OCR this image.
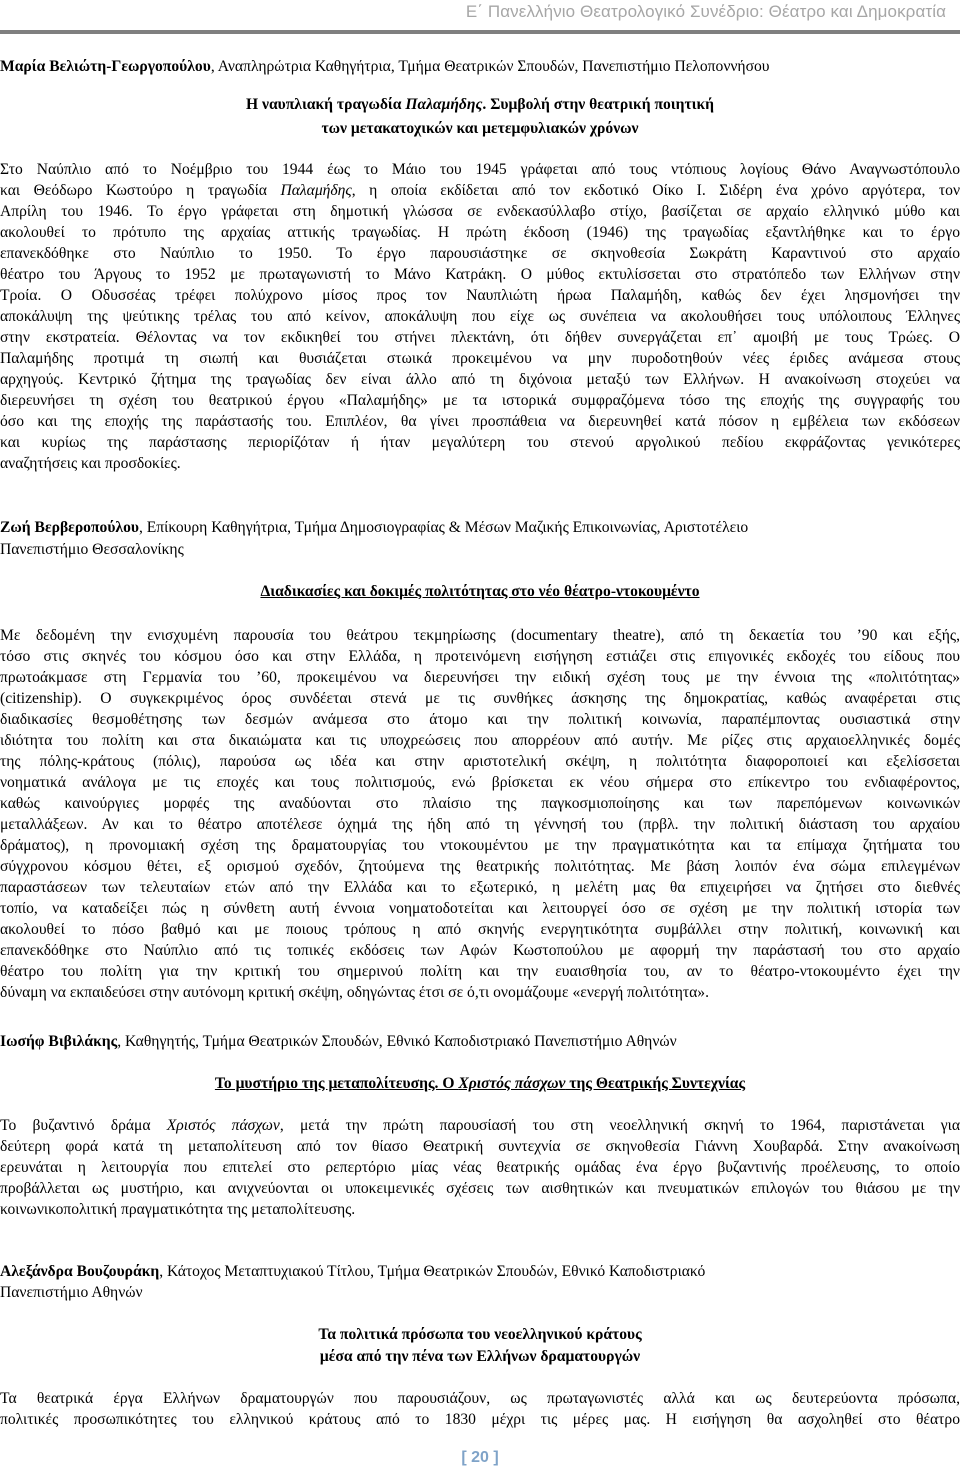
Ε΄ Πανελλήνιο Θεατρολογικό Συνέδριο: Θέατρο και Δημοκρατία
Μαρία Βελιώτη-Γεωργοπούλου, Αναπληρώτρια Καθηγήτρια, Τμήμα Θεατρικών Σπουδών, Πανεπιστήμιο Πελοποννήσου
Η ναυπλιακή τραγωδία Παλαμήδης. Συμβολή στην θεατρική ποιητική
των μετακατοχικών και μετεμφυλιακών χρόνων
Στο Ναύπλιο από το Νοέμβριο του 1944 έως το Μάιο του 1945 γράφεται από τους ντόπιους λογίους Θάνο Αναγνωστόπουλο
και Θεόδωρο Κωστούρο η τραγωδία Παλαμήδης, η οποία εκδίδεται από τον εκδοτικό Οίκο Ι. Σιδέρη ένα χρόνο αργότερα, τον
Απρίλη του 1946. Το έργο γράφεται στη δημοτική γλώσσα σε ενδεκασύλλαβο στίχο, βασίζεται σε αρχαίο ελληνικό μύθο και
ακολουθεί το πρότυπο της αρχαίας αττικής τραγωδίας. Η πρώτη έκδοση (1946) της τραγωδίας εξαντλήθηκε και το έργο
επανεκδόθηκε στο Ναύπλιο το 1950. Το έργο παρουσιάστηκε σε σκηνοθεσία Σωκράτη Καραντινού στο αρχαίο
θέατρο του Άργους το 1952 με πρωταγωνιστή το Μάνο Κατράκη. Ο μύθος εκτυλίσσεται στο στρατόπεδο των Ελλήνων στην
Τροία. Ο Οδυσσέας τρέφει πολύχρονο μίσος προς τον Ναυπλιώτη ήρωα Παλαμήδη, καθώς δεν έχει λησμονήσει την
αποκάλυψη της ψεύτικης τρέλας του από κείνον, αποκάλυψη που είχε ως συνέπεια να ακολουθήσει τους υπόλοιπους Έλληνες
στην εκστρατεία. Θέλοντας να τον εκδικηθεί του στήνει πλεκτάνη, ότι δήθεν συνεργάζεται επ᾽ αμοιβή με τους Τρώες. Ο
Παλαμήδης προτιμά τη σιωπή και θυσιάζεται στωικά προκειμένου να μην πυροδοτηθούν νέες έριδες ανάμεσα στους
αρχηγούς. Κεντρικό ζήτημα της τραγωδίας δεν είναι άλλο από τη διχόνοια μεταξύ των Ελλήνων. Η ανακοίνωση στοχεύει να
διερευνήσει τη σχέση του θεατρικού έργου «Παλαμήδης» με τα ιστορικά συμφραζόμενα τόσο της εποχής της συγγραφής του
όσο και της εποχής της παράστασής του. Επιπλέον, θα γίνει προσπάθεια να διερευνηθεί κατά πόσον η εμβέλεια των εκδόσεων
και κυρίως της παράστασης περιορίζόταν ή ήταν μεγαλύτερη του στενού αργολικού πεδίου εκφράζοντας γενικότερες
αναζητήσεις και προσδοκίες.
Ζωή Βερβεροπούλου, Επίκουρη Καθηγήτρια, Τμήμα Δημοσιογραφίας & Μέσων Μαζικής Επικοινωνίας, Αριστοτέλειο
Πανεπιστήμιο Θεσσαλονίκης
Διαδικασίες και δοκιμές πολιτότητας στο νέο θέατρο-ντοκουμέντο
Με δεδομένη την ενισχυμένη παρουσία του θεάτρου τεκμηρίωσης (documentary theatre), από τη δεκαετία του ’90 και εξής,
τόσο στις σκηνές του κόσμου όσο και στην Ελλάδα, η προτεινόμενη εισήγηση εστιάζει στις επιγονικές εκδοχές του είδους που
πρωτοάκμασε στη Γερμανία του ’60, προκειμένου να διερευνήσει την ειδική σχέση τους με την έννοια της «πολιτότητας»
(citizenship). Ο συγκεκριμένος όρος συνδέεται στενά με τις συνθήκες άσκησης της δημοκρατίας, καθώς αναφέρεται στις
διαδικασίες θεσμοθέτησης των δεσμών ανάμεσα στο άτομο και την πολιτική κοινωνία, παραπέμποντας ουσιαστικά στην
ιδιότητα του πολίτη και στα δικαιώματα και τις υποχρεώσεις που απορρέουν από αυτήν. Με ρίζες στις αρχαιοελληνικές δομές
της πόλης-κράτους (πόλις), παρούσα ως ιδέα και στην αριστοτελική σκέψη, η πολιτότητα διαφοροποιεί και εξελίσσεται
νοηματικά ανάλογα με τις εποχές και τους πολιτισμούς, ενώ βρίσκεται εκ νέου σήμερα στο επίκεντρο του ενδιαφέροντος,
καθώς καινούργιες μορφές της αναδύονται στο πλαίσιο της παγκοσμιοποίησης και των παρεπόμενων κοινωνικών
μεταλλάξεων. Αν και το θέατρο αποτέλεσε όχημά της ήδη από τη γέννησή του (πρβλ. την πολιτική διάσταση του αρχαίου
δράματος), η προνομιακή σχέση της δραματουργίας του ντοκουμέντου με την πραγματικότητα και τα επίμαχα ζητήματα του
σύγχρονου κόσμου θέτει, εξ ορισμού σχεδόν, ζητούμενα της θεατρικής πολιτότητας. Με βάση λοιπόν ένα σώμα επιλεγμένων
παραστάσεων των τελευταίων ετών από την Ελλάδα και το εξωτερικό, η μελέτη μας θα επιχειρήσει να ζητήσει στο διεθνές
τοπίο, να καταδείξει πώς η σύνθετη αυτή έννοια νοηματοδοτείται και λειτουργεί όσο σε σχέση με την πολιτική ιστορία των
ακολουθεί το πόσο βαθμό και με ποιους τρόπους η από σκηνής ενεργητικότητα συμβάλλει στην πολιτική, κοινωνική και
επανεκδόθηκε στο Ναύπλιο από τις τοπικές εκδόσεις των Αφών Κωστοπούλου με αφορμή την παράστασή του στο αρχαίο
θέατρο του πολίτη για την κριτική του σημερινού πολίτη και την ευαισθησία του, αν το θέατρο-ντοκουμέντο έχει την
δύναμη να εκπαιδεύσει στην αυτόνομη κριτική σκέψη, οδηγώντας έτσι σε ό,τι ονομάζουμε «ενεργή πολιτότητα».
Ιωσήφ Βιβιλάκης, Καθηγητής, Τμήμα Θεατρικών Σπουδών, Εθνικό Καποδιστριακό Πανεπιστήμιο Αθηνών
Το μυστήριο της μεταπολίτευσης. Ο Χριστός πάσχων της Θεατρικής Συντεχνίας
Το βυζαντινό δράμα Χριστός πάσχων, μετά την πρώτη παρουσίασή του στη νεοελληνική σκηνή το 1964, παριστάνεται για
δεύτερη φορά κατά τη μεταπολίτευση από τον θίασο Θεατρική συντεχνία σε σκηνοθεσία Γιάννη Χουβαρδά. Στην ανακοίνωση
ερευνάται η λειτουργία που επιτελεί στο ρεπερτόριο μίας νέας θεατρικής ομάδας ένα έργο βυζαντινής προέλευσης, το οποίο
προβάλλεται ως μυστήριο, και ανιχνεύονται οι υποκειμενικές σχέσεις των αισθητικών και πνευματικών επιλογών του θιάσου με την
κοινωνικοπολιτική πραγματικότητα της μεταπολίτευσης.
Αλεξάνδρα Βουζουράκη, Κάτοχος Μεταπτυχιακού Τίτλου, Τμήμα Θεατρικών Σπουδών, Εθνικό Καποδιστριακό
Πανεπιστήμιο Αθηνών
Τα πολιτικά πρόσωπα του νεοελληνικού κράτους
μέσα από την πένα των Ελλήνων δραματουργών
Τα θεατρικά έργα Ελλήνων δραματουργών που παρουσιάζουν, ως πρωταγωνιστές αλλά και ως δευτερεύοντα πρόσωπα,
πολιτικές προσωπικότητες του ελληνικού κράτους από το 1830 μέχρι τις μέρες μας. Η εισήγηση θα ασχοληθεί στο θέατρο
[ 20 ]
